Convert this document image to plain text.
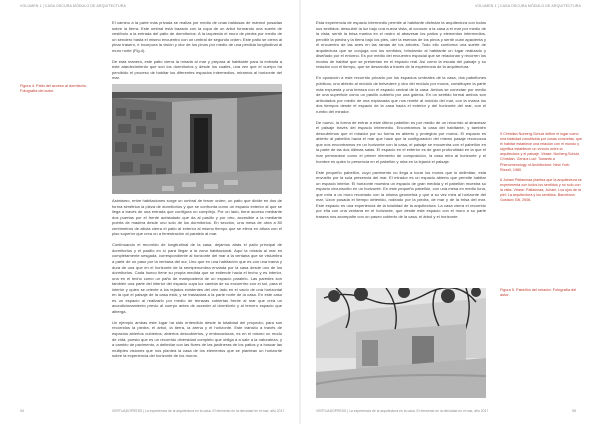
VOLUMEN 1 | CASA OSCURA MÓDULO DE ARQUITECTURA

El camino a la parte más privada se realiza por medio de unas baldosas de mármol posadas sobre la tierra. Este umbral está trazado con la copa de un árbol formando una suerte de vestíbulo a la entrada del patio de dormitorios. A la izquierda el muro de piedra por medio de un sendero hasta el mismo encuentro con un umbral de segundo orden. Este patio se cierra al pinar trasero, e incorpora la visión y olor de los pinos por medio de una pérdida longitudinal al muro norte (Fig.4).

De esta manera, este patio cierra la mirada al mar y prepara al habitante para la entrada a este atardecimiento que son los dormitorios y desde los cuales, una vez que el cuerpo ha percibido el proceso de habitar los diferentes espacios intermedios, miramos al horizonte del mar.

Figura 4. Patio del acceso al dormitorio. Fotografía del autor.

Asimismo, entre habitaciones surge un umbral de tercer orden; un patio que divide en dos de forma simétrica la pieza de dormitorios y que se confronta como un espacio exterior al que se llega a través de una entrada que configura un complejo. Por un lado, tiene acceso mediante dos puertas por el frente acristalado que da al pasillo y por otro, accesible a la mediante puerta de madera desde uno solo de los dormitorios. En sección, una mesa de obra a 80 centímetros de altura cierra el patio al exterior al mismo tiempo que se eleva en altura con el piso superior que crea un a fenestración al paralelo al mar.

Continuando el recorrido de longitudinal de la casa, dejamos atrás el patio principal de dormitorios y el pasillo en sí para llegar a la zona habitacional. Aquí la mirada al mar es completamente sesgada, correspondiente al horizonte del mar a la ventana que se vislumbra a partir de un paso por la ventana del sur, Uno que en una habitación que es con una trama y dura de una que en el horizonte de la semipenumbra enviada por la casa desde uno de los dormitorios. Cada hueco tiene su propia medida que se extiende hacia el techo y es interior, una en el techo como un paño de mampostería de un espacio paralelo. Las paredes son también una parte del interior del espacio cuya luz cambia de su encuentro con el sol, para el interior y quien se oriente a los tejados existentes del otro lado en el vacío de una horizontal en la que el paisaje de la casa está, y se trasladará a la parte norte de la casa. En este caso es un espacio al realizarlo por medio de terrazas cubiertas frente al mar que crea un acondicionamiento previo al cuerpo antes de acceder al dormitorio y al tercero espacio que alberga.

Un ejemplo ambas este lugar ha sido entendido desde la totalidad del proyecto; para sus recorridos la piedra, el árbol, la tierra, la arena y el horizonte. Este tránsito a través de espacios abiertos cubiertos, abiertos descubiertos, y embocaduras, es en el mismo un modo de vida, puesto que es un recorrido diversidad completo que obliga a a sale a la naturaleza, y a cambio de pavimento, a delimitar con las flores de las jardineras de los patios y a buscar las múltiples visiones que nos plantea la casa de los elementos que se plantean un horizonte sobre la experiencia del horizonte de los muros.

94	VERTUADOPRESS | La experiencia de la arquitectura en la casa. El elemento en la densidad en el mar, año 2017
VOLUMEN 1 | CASA OSCURA MÓDULO DE ARQUITECTURA

Esta experiencia de espacio intermedio permite al habitante disfrutar la arquitectura con todos sus sentidos: descubrir la luz bajo una nueva vista, al conocer a la casa a el mar por medio de la vista, sentir la brisa marina en el rostro al atravesar los patios y elementos intermedios, percibir la piedra y la tierra bajo los pies, oler la esencia de los pinos y sentir cuán apacienta y el encuentro de las aves en las ramas de los árboles. Todo ello conforma una suerte de arquitectura que se conjuga con los sentidos, brindando al habitante un lugar realizado y diseñado por el entorno. Es por medio del encuentro espacial que se relacionan y recorren los modos de habitar que se presentan en el espacio real. Así como la escala del paisaje y su relación con el tiempo, que se desarrolla a través de la experiencia de la arquitectura.

En oposición a este recorrido privado por los espacios umbrales de la casa, dos pabellones públicos, uno abierto al módulo de belvedere y otro del módulo por muros, constituyen la parte más expuesta y una terraza con el espacio central de la casa. Ambos se conectan por medio de una superficie como un pasillo cubierto por una galería. En un sentido formal ambos son articulados por medio de una explanada que nos remite al módulo del mar, con la marca los dos tiempos desde el espacio de la casa hacia el exterior y del horizonte del mar, con el rumbo del mirador.

De nuevo, la forma de entrar a este último pabellón es por medio de un recorrido al atravesar el paisaje través del espacio intermedio. Encontramos la casa del habitante, y también descubrimos que el mirador por su forma es abierto y protegido por muros. El espacio es abierto al pabellón hacia el mar que hace que la configuración del mismo pasaje reconozca que nos encontramos en un horizonte con la casa, el paisaje se encuentra con el pabellón en la parte de las dos últimas salas. El espacio en el exterior es de gran profundidad en la que el mar permanece como el primer elemento de composición, la casa mira al horizonte y el hombre es quien lo presencia en el pabellón y mira en la lejanía el paisaje.

Este pequeño pabellón, cuyo pavimento no llega a tocar los muros que lo delimitan, está envuelto por la sola presencia del mar. El mirador es un espacio abierto que permite habitar un espacio interior. El horizonte muestra un espacio de gran medida y el pabellón muestra su espacio circunscrito en un horizonte. En este pequeño pabellón, con una mesa en medio luna, que mira a un muro recortado con la misma geometría y que a su vez mira al horizonte del mar, Uzon posada el tiempo detenido, rodeado por la piedra, de mar y de la brisa del mar. Este espacio es una experiencia de la totalidad de la arquitectura. La casa cierra el recorrido por ella con una ventana en el horizonte, que desde este espacio con el muro a su parte trasera nos acompañe con un paseo cubierto de la casa, el árbol y el horizonte.

5 Christian Norberg-Schulz define el lugar como una totalidad constituida por cosas concretas, que el habitar establece una relación con el mundo y significa establecer un vínculo entre la arquitectura y el paisaje. Véase: Norberg-Schulz, Christian. Genius Loci: Towards a Phenomenology of Architecture. New York: Rizzoli, 1980.

6 Juhani Pallasmaa plantea que la arquitectura se experimenta con todos los sentidos y no solo con la vista. Véase: Pallasmaa, Juhani. Los ojos de la piel: La arquitectura y los sentidos. Barcelona: Gustavo Gili, 2006.

Figura 5. Pabellón del mirador. Fotografía del autor.
VERTUADOPRESS | La experiencia de la arquitectura en la casa. El elemento en la densidad en el mar, año 2017	95
